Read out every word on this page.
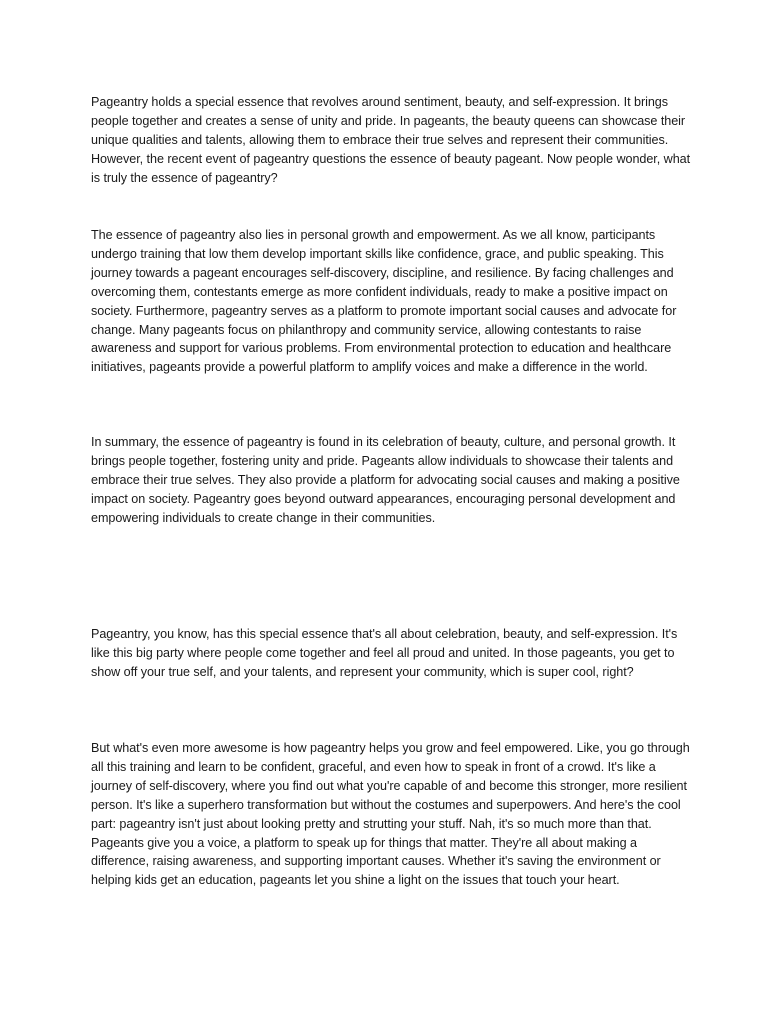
Pageantry holds a special essence that revolves around sentiment, beauty, and self-expression. It brings people together and creates a sense of unity and pride. In pageants, the beauty queens can showcase their unique qualities and talents, allowing them to embrace their true selves and represent their communities. However, the recent event of pageantry questions the essence of beauty pageant. Now people wonder, what is truly the essence of pageantry?

The essence of pageantry also lies in personal growth and empowerment. As we all know, participants undergo training that low them develop important skills like confidence, grace, and public speaking. This journey towards a pageant encourages self-discovery, discipline, and resilience. By facing challenges and overcoming them, contestants emerge as more confident individuals, ready to make a positive impact on society. Furthermore, pageantry serves as a platform to promote important social causes and advocate for change. Many pageants focus on philanthropy and community service, allowing contestants to raise awareness and support for various problems. From environmental protection to education and healthcare initiatives, pageants provide a powerful platform to amplify voices and make a difference in the world.

In summary, the essence of pageantry is found in its celebration of beauty, culture, and personal growth. It brings people together, fostering unity and pride. Pageants allow individuals to showcase their talents and embrace their true selves. They also provide a platform for advocating social causes and making a positive impact on society. Pageantry goes beyond outward appearances, encouraging personal development and empowering individuals to create change in their communities.

Pageantry, you know, has this special essence that's all about celebration, beauty, and self-expression. It's like this big party where people come together and feel all proud and united. In those pageants, you get to show off your true self, and your talents, and represent your community, which is super cool, right?

But what's even more awesome is how pageantry helps you grow and feel empowered. Like, you go through all this training and learn to be confident, graceful, and even how to speak in front of a crowd. It's like a journey of self-discovery, where you find out what you're capable of and become this stronger, more resilient person. It's like a superhero transformation but without the costumes and superpowers. And here's the cool part: pageantry isn't just about looking pretty and strutting your stuff. Nah, it's so much more than that. Pageants give you a voice, a platform to speak up for things that matter. They're all about making a difference, raising awareness, and supporting important causes. Whether it's saving the environment or helping kids get an education, pageants let you shine a light on the issues that touch your heart.
